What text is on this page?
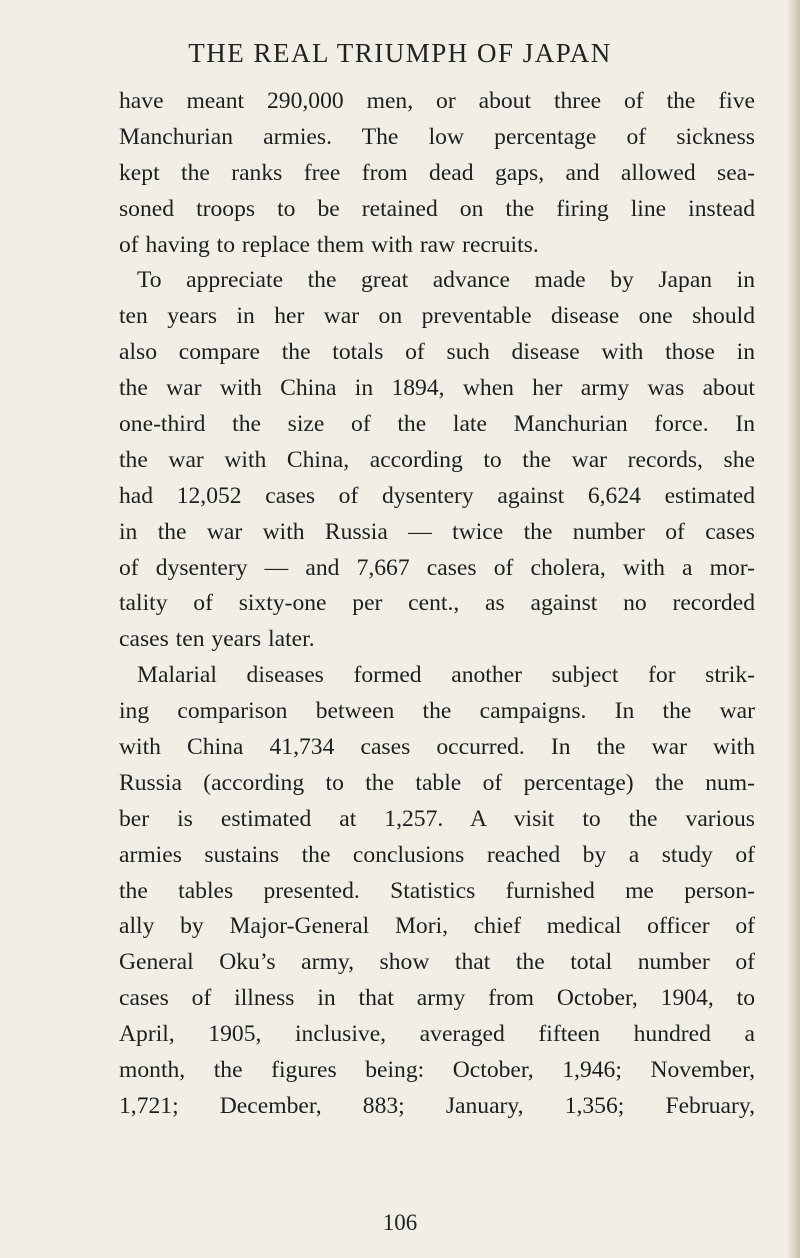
THE REAL TRIUMPH OF JAPAN
have meant 290,000 men, or about three of the five
Manchurian armies. The low percentage of sickness
kept the ranks free from dead gaps, and allowed sea-
soned troops to be retained on the firing line instead
of having to replace them with raw recruits.
To appreciate the great advance made by Japan in
ten years in her war on preventable disease one should
also compare the totals of such disease with those in
the war with China in 1894, when her army was about
one-third the size of the late Manchurian force. In
the war with China, according to the war records, she
had 12,052 cases of dysentery against 6,624 estimated
in the war with Russia — twice the number of cases
of dysentery — and 7,667 cases of cholera, with a mor-
tality of sixty-one per cent., as against no recorded
cases ten years later.
Malarial diseases formed another subject for strik-
ing comparison between the campaigns. In the war
with China 41,734 cases occurred. In the war with
Russia (according to the table of percentage) the num-
ber is estimated at 1,257. A visit to the various
armies sustains the conclusions reached by a study of
the tables presented. Statistics furnished me person-
ally by Major-General Mori, chief medical officer of
General Oku’s army, show that the total number of
cases of illness in that army from October, 1904, to
April, 1905, inclusive, averaged fifteen hundred a
month, the figures being: October, 1,946; November,
1,721; December, 883; January, 1,356; February,
106
